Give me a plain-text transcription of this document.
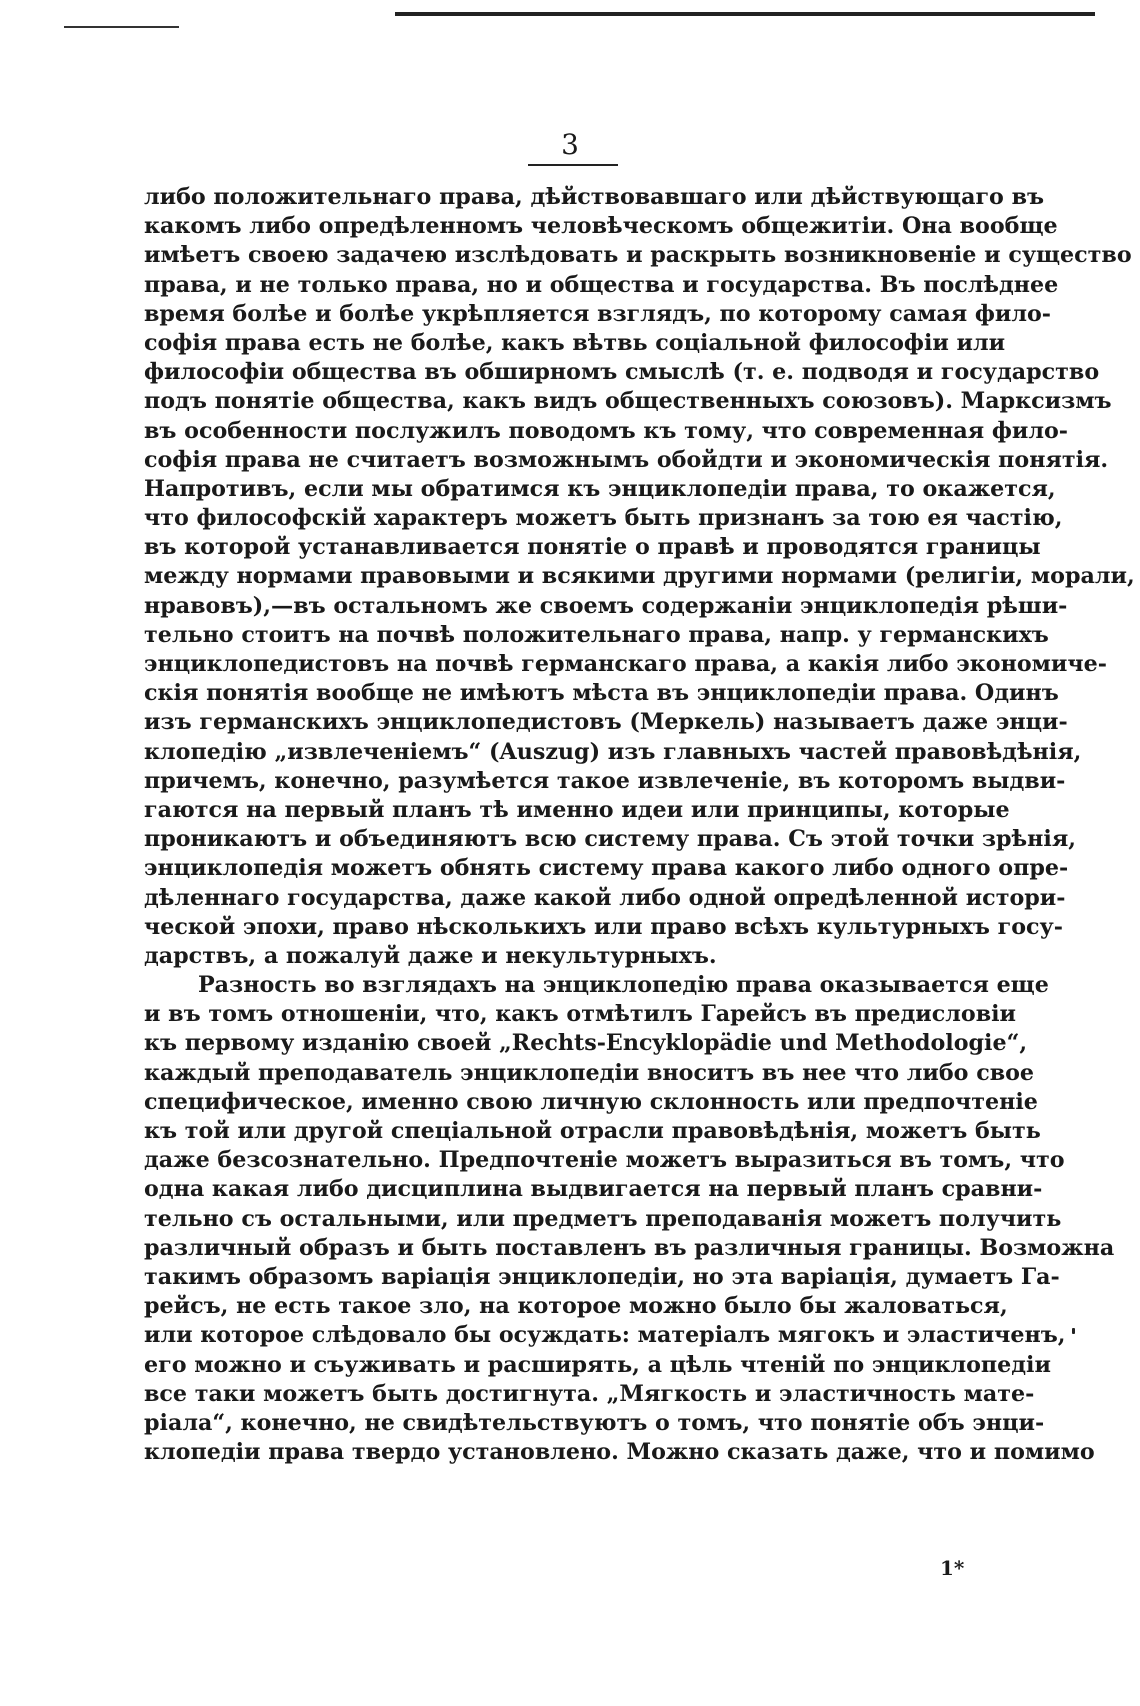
3
либо положительнаго права, дѣйствовавшаго или дѣйствующаго въ
какомъ либо опредѣленномъ человѣческомъ общежитіи. Она вообще
имѣетъ своею задачею изслѣдовать и раскрыть возникновеніе и существо
права, и не только права, но и общества и государства. Въ послѣднее
время болѣе и болѣе укрѣпляется взглядъ, по которому самая фило-
софія права есть не болѣе, какъ вѣтвь соціальной философіи или
философіи общества въ обширномъ смыслѣ (т. е. подводя и государство
подъ понятіе общества, какъ видъ общественныхъ союзовъ). Марксизмъ
въ особенности послужилъ поводомъ къ тому, что современная фило-
софія права не считаетъ возможнымъ обойдти и экономическія понятія.
Напротивъ, если мы обратимся къ энциклопедіи права, то окажется,
что философскій характеръ можетъ быть признанъ за тою ея частію,
въ которой устанавливается понятіе о правѣ и проводятся границы
между нормами правовыми и всякими другими нормами (религіи, морали,
нравовъ),—въ остальномъ же своемъ содержаніи энциклопедія рѣши-
тельно стоитъ на почвѣ положительнаго права, напр. у германскихъ
энциклопедистовъ на почвѣ германскаго права, а какія либо экономиче-
скія понятія вообще не имѣютъ мѣста въ энциклопедіи права. Одинъ
изъ германскихъ энциклопедистовъ (Меркель) называетъ даже энци-
клопедію „извлеченіемъ“ (Auszug) изъ главныхъ частей правовѣдѣнія,
причемъ, конечно, разумѣется такое извлеченіе, въ которомъ выдви-
гаются на первый планъ тѣ именно идеи или принципы, которые
проникаютъ и объединяютъ всю систему права. Съ этой точки зрѣнія,
энциклопедія можетъ обнять систему права какого либо одного опре-
дѣленнаго государства, даже какой либо одной опредѣленной истори-
ческой эпохи, право нѣсколькихъ или право всѣхъ культурныхъ госу-
дарствъ, а пожалуй даже и некультурныхъ.
Разность во взглядахъ на энциклопедію права оказывается еще
и въ томъ отношеніи, что, какъ отмѣтилъ Гарейсъ въ предисловіи
къ первому изданію своей „Rechts-Encyklopädie und Methodologie“,
каждый преподаватель энциклопедіи вноситъ въ нее что либо свое
специфическое, именно свою личную склонность или предпочтеніе
къ той или другой спеціальной отрасли правовѣдѣнія, можетъ быть
даже безсознательно. Предпочтеніе можетъ выразиться въ томъ, что
одна какая либо дисциплина выдвигается на первый планъ сравни-
тельно съ остальными, или предметъ преподаванія можетъ получить
различный образъ и быть поставленъ въ различныя границы. Возможна
такимъ образомъ варіація энциклопедіи, но эта варіація, думаетъ Га-
рейсъ, не есть такое зло, на которое можно было бы жаловаться,
или которое слѣдовало бы осуждать: матеріалъ мягокъ и эластиченъ,
его можно и съуживать и расширять, а цѣль чтеній по энциклопедіи
все таки можетъ быть достигнута. „Мягкость и эластичность мате-
ріала“, конечно, не свидѣтельствуютъ о томъ, что понятіе объ энци-
клопедіи права твердо установлено. Можно сказать даже, что и помимо
1*
